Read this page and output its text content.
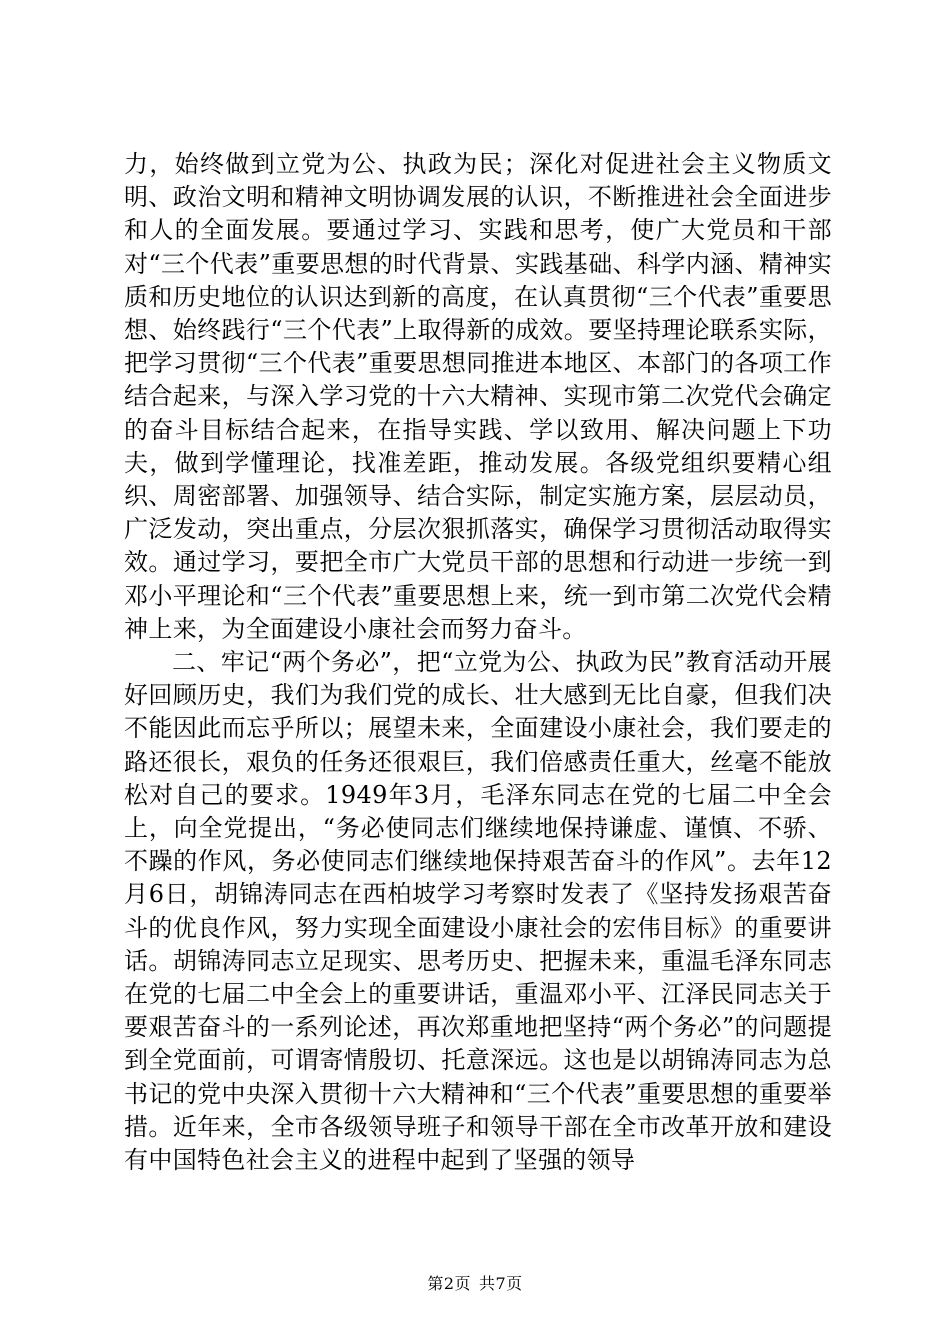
力，始终做到立党为公、执政为民；深化对促进社会主义物质文明、政治文明和精神文明协调发展的认识，不断推进社会全面进步和人的全面发展。要通过学习、实践和思考，使广大党员和干部对“三个代表”重要思想的时代背景、实践基础、科学内涵、精神实质和历史地位的认识达到新的高度，在认真贯彻“三个代表”重要思想、始终践行“三个代表”上取得新的成效。要坚持理论联系实际，把学习贯彻“三个代表”重要思想同推进本地区、本部门的各项工作结合起来，与深入学习党的十六大精神、实现市第二次党代会确定的奋斗目标结合起来，在指导实践、学以致用、解决问题上下功夫，做到学懂理论，找准差距，推动发展。各级党组织要精心组织、周密部署、加强领导、结合实际，制定实施方案，层层动员，广泛发动，突出重点，分层次狠抓落实，确保学习贯彻活动取得实效。通过学习，要把全市广大党员干部的思想和行动进一步统一到邓小平理论和“三个代表”重要思想上来，统一到市第二次党代会精神上来，为全面建设小康社会而努力奋斗。

二、牢记“两个务必”，把“立党为公、执政为民”教育活动开展好回顾历史，我们为我们党的成长、壮大感到无比自豪，但我们决不能因此而忘乎所以；展望未来，全面建设小康社会，我们要走的路还很长，艰负的任务还很艰巨，我们倍感责任重大，丝毫不能放松对自己的要求。1949年3月，毛泽东同志在党的七届二中全会上，向全党提出，“务必使同志们继续地保持谦虚、谨慎、不骄、不躁的作风，务必使同志们继续地保持艰苦奋斗的作风”。去年12月6日，胡锦涛同志在西柏坡学习考察时发表了《坚持发扬艰苦奋斗的优良作风，努力实现全面建设小康社会的宏伟目标》的重要讲话。胡锦涛同志立足现实、思考历史、把握未来，重温毛泽东同志在党的七届二中全会上的重要讲话，重温邓小平、江泽民同志关于要艰苦奋斗的一系列论述，再次郑重地把坚持“两个务必”的问题提到全党面前，可谓寄情殷切、托意深远。这也是以胡锦涛同志为总书记的党中央深入贯彻十六大精神和“三个代表”重要思想的重要举措。近年来，全市各级领导班子和领导干部在全市改革开放和建设有中国特色社会主义的进程中起到了坚强的领导

第2页 共7页
